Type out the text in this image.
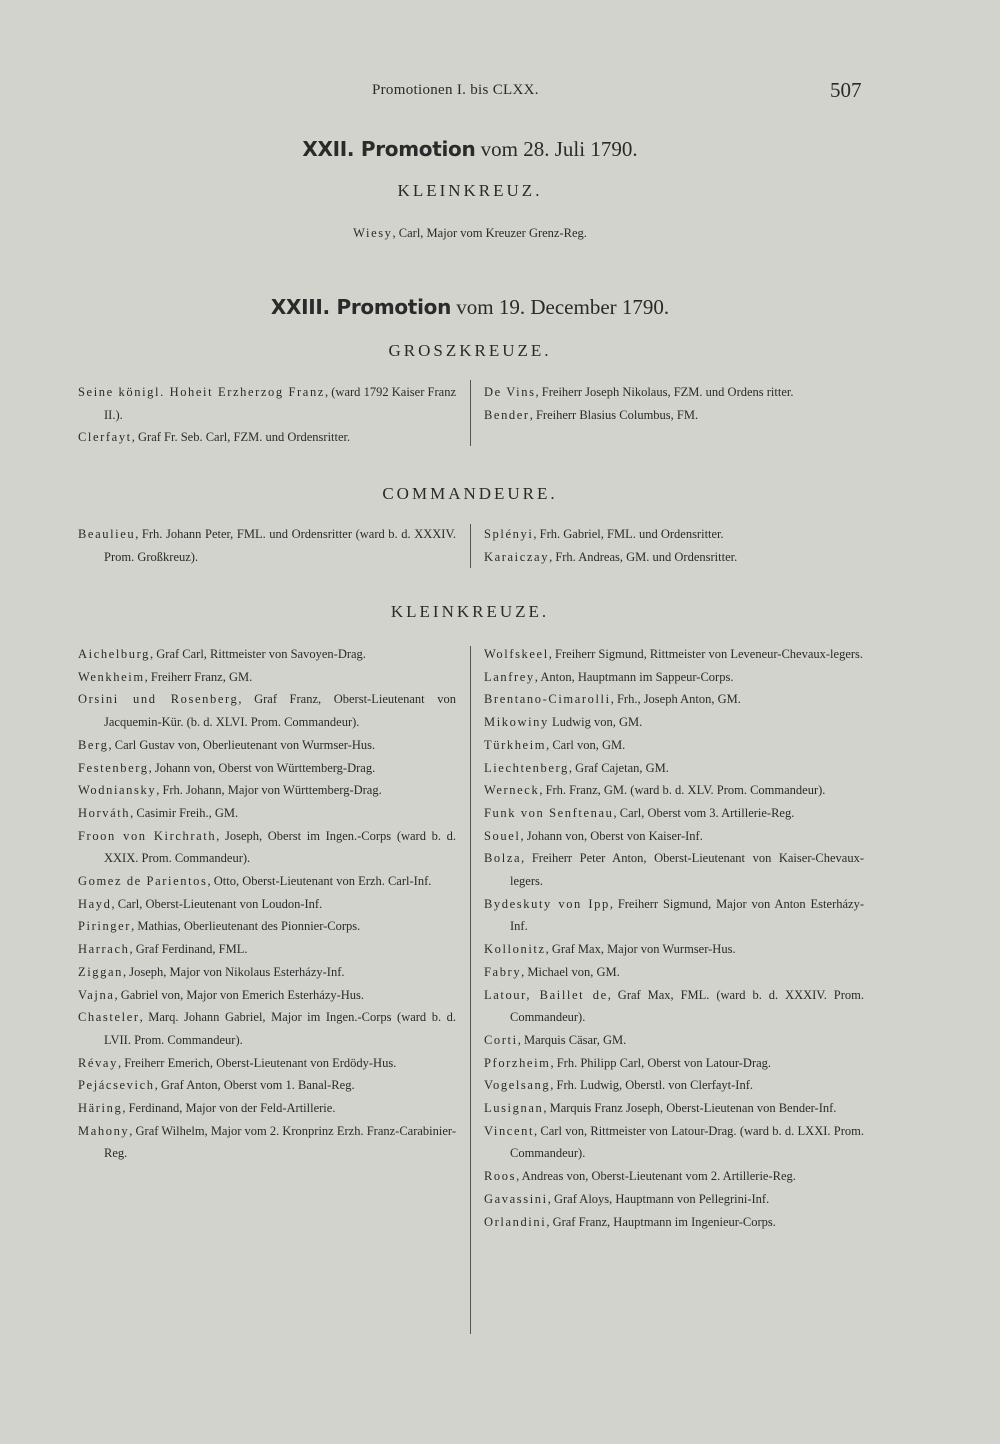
Promotionen I. bis CLXX.	507
XXII. Promotion vom 28. Juli 1790.
KLEINKREUZ.
Wiesy, Carl, Major vom Kreuzer Grenz-Reg.
XXIII. Promotion vom 19. December 1790.
GROSZKREUZE.
Seine königl. Hoheit Erzherzog Franz, (ward 1792 Kaiser Franz II.).
Clerfayt, Graf Fr. Seb. Carl, FZM. und Ordensritter.
De Vins, Freiherr Joseph Nikolaus, FZM. und Ordens ritter.
Bender, Freiherr Blasius Columbus, FM.
COMMANDEURE.
Beaulieu, Frh. Johann Peter, FML. und Ordensritter (ward b. d. XXXIV. Prom. Großkreuz).
Splényi, Frh. Gabriel, FML. und Ordensritter.
Karaiczay, Frh. Andreas, GM. und Ordensritter.
KLEINKREUZE.
Aichelburg, Graf Carl, Rittmeister von Savoyen-Drag.
Wenkheim, Freiherr Franz, GM.
Orsini und Rosenberg, Graf Franz, Oberst-Lieutenant von Jacquemin-Kür. (b. d. XLVI. Prom. Commandeur).
Berg, Carl Gustav von, Oberlieutenant von Wurmser-Hus.
Festenberg, Johann von, Oberst von Württemberg-Drag.
Wodniansky, Frh. Johann, Major von Württemberg-Drag.
Horváth, Casimir Freih., GM.
Froon von Kirchrath, Joseph, Oberst im Ingen.-Corps (ward b. d. XXIX. Prom. Commandeur).
Gomez de Parientos, Otto, Oberst-Lieutenant von Erzh. Carl-Inf.
Hayd, Carl, Oberst-Lieutenant von Loudon-Inf.
Piringer, Mathias, Oberlieutenant des Pionnier-Corps.
Harrach, Graf Ferdinand, FML.
Ziggan, Joseph, Major von Nikolaus Esterházy-Inf.
Vajna, Gabriel von, Major von Emerich Esterházy-Hus.
Chasteler, Marq. Johann Gabriel, Major im Ingen.-Corps (ward b. d. LVII. Prom. Commandeur).
Révay, Freiherr Emerich, Oberst-Lieutenant von Erdödy-Hus.
Pejácsevich, Graf Anton, Oberst vom 1. Banal-Reg.
Häring, Ferdinand, Major von der Feld-Artillerie.
Mahony, Graf Wilhelm, Major vom 2. Kronprinz Erzh. Franz-Carabinier-Reg.
Wolfskeel, Freiherr Sigmund, Rittmeister von Leveneur-Chevaux-legers.
Lanfrey, Anton, Hauptmann im Sappeur-Corps.
Brentano-Cimarolli, Frh., Joseph Anton, GM.
Mikowiny Ludwig von, GM.
Türkheim, Carl von, GM.
Liechtenberg, Graf Cajetan, GM.
Werneck, Frh. Franz, GM. (ward b. d. XLV. Prom. Commandeur).
Funk von Senftenau, Carl, Oberst vom 3. Artillerie-Reg.
Souel, Johann von, Oberst von Kaiser-Inf.
Bolza, Freiherr Peter Anton, Oberst-Lieutenant von Kaiser-Chevaux-legers.
Bydeskuty von Ipp, Freiherr Sigmund, Major von Anton Esterházy-Inf.
Kollonitz, Graf Max, Major von Wurmser-Hus.
Fabry, Michael von, GM.
Latour, Baillet de, Graf Max, FML. (ward b. d. XXXIV. Prom. Commandeur).
Corti, Marquis Cäsar, GM.
Pforzheim, Frh. Philipp Carl, Oberst von Latour-Drag.
Vogelsang, Frh. Ludwig, Oberstl. von Clerfayt-Inf.
Lusignan, Marquis Franz Joseph, Oberst-Lieutenan von Bender-Inf.
Vincent, Carl von, Rittmeister von Latour-Drag. (ward b. d. LXXI. Prom. Commandeur).
Roos, Andreas von, Oberst-Lieutenant vom 2. Artillerie-Reg.
Gavassini, Graf Aloys, Hauptmann von Pellegrini-Inf.
Orlandini, Graf Franz, Hauptmann im Ingenieur-Corps.
